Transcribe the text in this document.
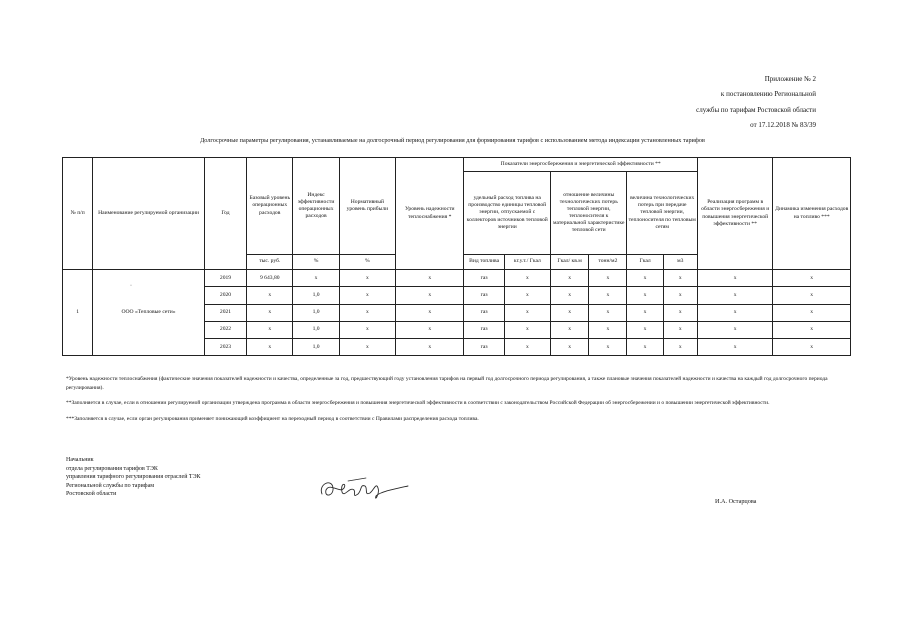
Приложение № 2
к постановлению Региональной
службы по тарифам Ростовской области
от 17.12.2018 № 83/39
Долгосрочные параметры регулирования, устанавливаемые на долгосрочный период регулирования для формирования тарифов с использованием метода индексации установленных тарифов
·
№ п/п	Наименование регулируемой организации	Год	Базовый уровень операционных расходов	Индекс эффективности операционных расходов	Нормативный уровень прибыли	Уровень надежности теплоснабжения *	Показатели энергосбережения и энергетической эффективности **						Реализация программ в области энергосбережения и повышения энергетической эффективности **	Динамика изменения расходов на топливо ***
							удельный расход топлива на производство единицы тепловой энергии, отпускаемой с коллекторов источников тепловой энергии		отношение величины технологических потерь тепловой энергии, теплоносителя к материальной характеристике тепловой сети		величина технологических потерь при передаче тепловой энергии, теплоносителя по тепловым сетям			
			тыс. руб.	%	%		Вид топлива	кг.у.т./ Гкал	Гкал/ кв.м	тонн/м2	Гкал	м3		
1	ООО «Тепловые сети»	2019	9 643,80	x	x	x	газ	x	x	x	x	x	x	x
		2020	x	1,0	x	x	газ	x	x	x	x	x	x	x
		2021	x	1,0	x	x	газ	x	x	x	x	x	x	x
		2022	x	1,0	x	x	газ	x	x	x	x	x	x	x
		2023	x	1,0	x	x	газ	x	x	x	x	x	x	x

*Уровень надежности теплоснабжения (фактические значения показателей надежности и качества, определенные за год, предшествующий году установления тарифов на первый год долгосрочного периода регулирования, а также плановые значения показателей надежности и качества на каждый год долгосрочного периода регулирования).

**Заполняется в случае, если в отношении регулируемой организации утверждена программа в области энергосбережения и повышения энергетической эффективности в соответствии с законодательством Российской Федерации об энергосбережении и о повышении энергетической эффективности.

***Заполняется в случае, если орган регулирования применяет понижающий коэффициент на переходный период в соответствии с Правилами распределения расхода топлива.

Начальник
отдела регулирования тарифов ТЭК
управления тарифного регулирования отраслей ТЭК
Региональной службы по тарифам
Ростовской области
И.А. Остарцова
